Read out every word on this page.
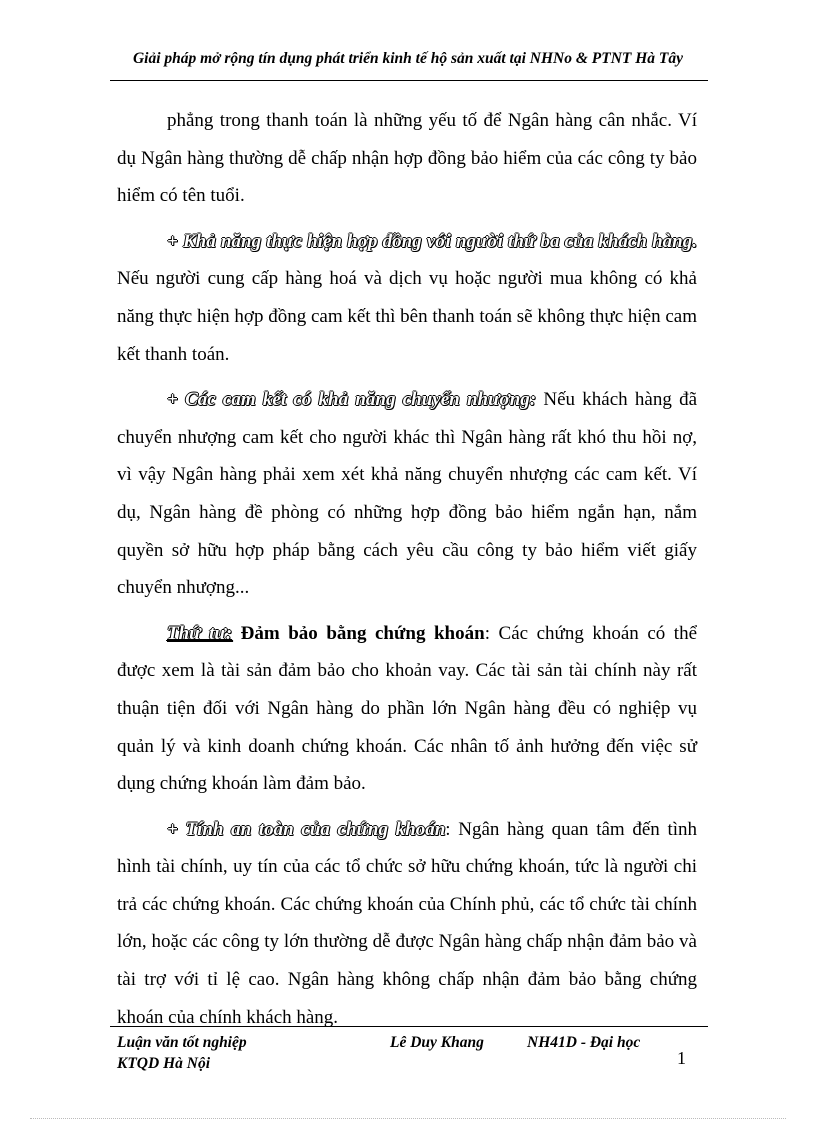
Giải pháp mở rộng tín dụng phát triển kinh tế hộ sản xuất tại NHNo & PTNT Hà Tây

phẳng trong thanh toán là những yếu tố để Ngân hàng cân nhắc. Ví dụ Ngân hàng thường dễ chấp nhận hợp đồng bảo hiểm của các công ty bảo hiểm có tên tuổi.

+ Khả năng thực hiện hợp đồng với người thứ ba của khách hàng. Nếu người cung cấp hàng hoá và dịch vụ hoặc người mua không có khả năng thực hiện hợp đồng cam kết thì bên thanh toán sẽ không thực hiện cam kết thanh toán.

+ Các cam kết có khả năng chuyển nhượng: Nếu khách hàng đã chuyển nhượng cam kết cho người khác thì Ngân hàng rất khó thu hồi nợ, vì vậy Ngân hàng phải xem xét khả năng chuyển nhượng các cam kết. Ví dụ, Ngân hàng đề phòng có những hợp đồng bảo hiểm ngắn hạn, nắm quyền sở hữu hợp pháp bằng cách yêu cầu công ty bảo hiểm viết giấy chuyển nhượng...

Thứ tư: Đảm bảo bằng chứng khoán: Các chứng khoán có thể được xem là tài sản đảm bảo cho khoản vay. Các tài sản tài chính này rất thuận tiện đối với Ngân hàng do phần lớn Ngân hàng đều có nghiệp vụ quản lý và kinh doanh chứng khoán. Các nhân tố ảnh hưởng đến việc sử dụng chứng khoán làm đảm bảo.

+ Tính an toàn của chứng khoán: Ngân hàng quan tâm đến tình hình tài chính, uy tín của các tổ chức sở hữu chứng khoán, tức là người chi trả các chứng khoán. Các chứng khoán của Chính phủ, các tổ chức tài chính lớn, hoặc các công ty lớn thường dễ được Ngân hàng chấp nhận đảm bảo và tài trợ với tỉ lệ cao. Ngân hàng không chấp nhận đảm bảo bằng chứng khoán của chính khách hàng.

Luận văn tốt nghiệp
KTQD Hà Nội
Lê Duy Khang	NH41D - Đại học
1
